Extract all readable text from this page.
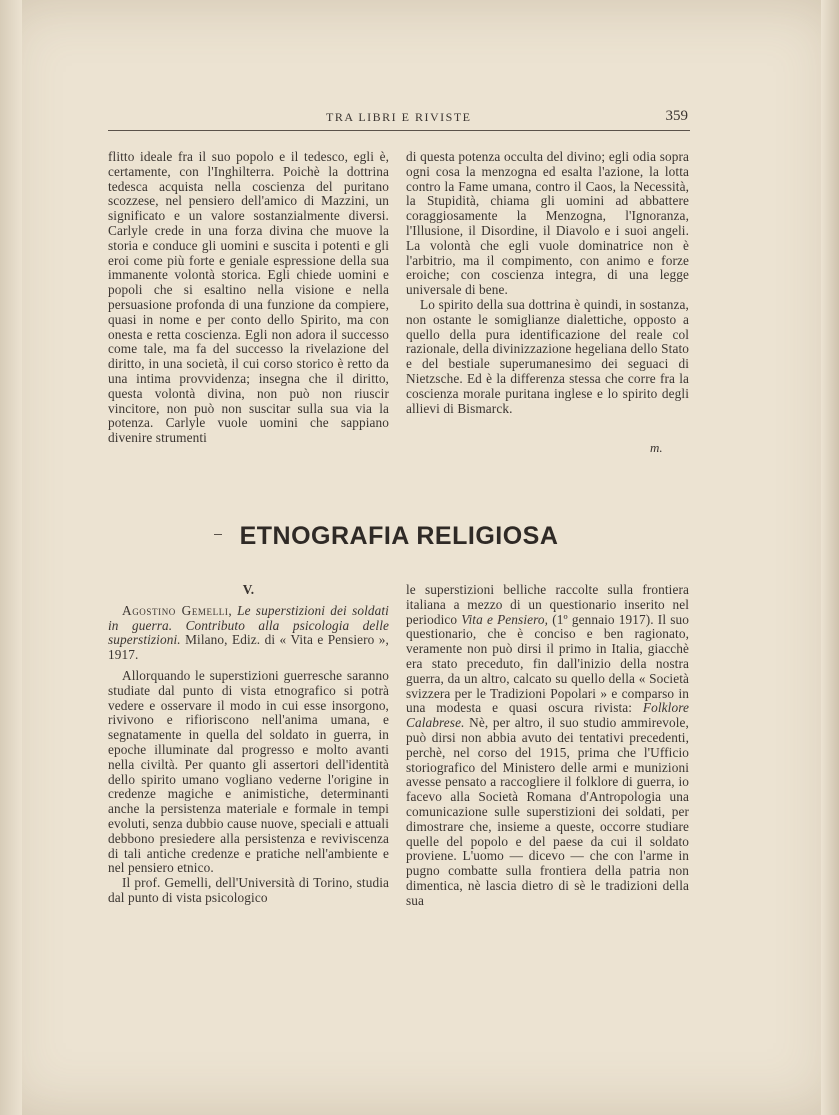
TRA LIBRI E RIVISTE	359

flitto ideale fra il suo popolo e il tedesco, egli è, certamente, con l'Inghilterra. Poichè la dottrina tedesca acquista nella coscienza del puritano scozzese, nel pensiero dell'amico di Mazzini, un significato e un valore sostanzialmente diversi. Carlyle crede in una forza divina che muove la storia e conduce gli uomini e suscita i potenti e gli eroi come più forte e geniale espressione della sua immanente volontà storica. Egli chiede uomini e popoli che si esaltino nella visione e nella persuasione profonda di una funzione da compiere, quasi in nome e per conto dello Spirito, ma con onesta e retta coscienza. Egli non adora il successo come tale, ma fa del successo la rivelazione del diritto, in una società, il cui corso storico è retto da una intima provvidenza; insegna che il diritto, questa volontà divina, non può non riuscir vincitore, non può non suscitar sulla sua via la potenza. Carlyle vuole uomini che sappiano divenire strumenti

di questa potenza occulta del divino; egli odia sopra ogni cosa la menzogna ed esalta l'azione, la lotta contro la Fame umana, contro il Caos, la Necessità, la Stupidità, chiama gli uomini ad abbattere coraggiosamente la Menzogna, l'Ignoranza, l'Illusione, il Disordine, il Diavolo e i suoi angeli. La volontà che egli vuole dominatrice non è l'arbitrio, ma il compimento, con animo e forze eroiche; con coscienza integra, di una legge universale di bene.

Lo spirito della sua dottrina è quindi, in sostanza, non ostante le somiglianze dialettiche, opposto a quello della pura identificazione del reale col razionale, della divinizzazione hegeliana dello Stato e del bestiale superumanesimo dei seguaci di Nietzsche. Ed è la differenza stessa che corre fra la coscienza morale puritana inglese e lo spirito degli allievi di Bismarck.

m.
ETNOGRAFIA RELIGIOSA
V.

Agostino Gemelli, Le superstizioni dei soldati in guerra. Contributo alla psicologia delle superstizioni. Milano, Ediz. di « Vita e Pensiero », 1917.

Allorquando le superstizioni guerresche saranno studiate dal punto di vista etnografico si potrà vedere e osservare il modo in cui esse insorgono, rivivono e rifioriscono nell'anima umana, e segnatamente in quella del soldato in guerra, in epoche illuminate dal progresso e molto avanti nella civiltà. Per quanto gli assertori dell'identità dello spirito umano vogliano vederne l'origine in credenze magiche e animistiche, determinanti anche la persistenza materiale e formale in tempi evoluti, senza dubbio cause nuove, speciali e attuali debbono presiedere alla persistenza e reviviscenza di tali antiche credenze e pratiche nell'ambiente e nel pensiero etnico.

Il prof. Gemelli, dell'Università di Torino, studia dal punto di vista psicologico

le superstizioni belliche raccolte sulla frontiera italiana a mezzo di un questionario inserito nel periodico Vita e Pensiero, (1º gennaio 1917). Il suo questionario, che è conciso e ben ragionato, veramente non può dirsi il primo in Italia, giacchè era stato preceduto, fin dall'inizio della nostra guerra, da un altro, calcato su quello della « Società svizzera per le Tradizioni Popolari » e comparso in una modesta e quasi oscura rivista: Folklore Calabrese. Nè, per altro, il suo studio ammirevole, può dirsi non abbia avuto dei tentativi precedenti, perchè, nel corso del 1915, prima che l'Ufficio storiografico del Ministero delle armi e munizioni avesse pensato a raccogliere il folklore di guerra, io facevo alla Società Romana d'Antropologia una comunicazione sulle superstizioni dei soldati, per dimostrare che, insieme a queste, occorre studiare quelle del popolo e del paese da cui il soldato proviene. L'uomo — dicevo — che con l'arme in pugno combatte sulla frontiera della patria non dimentica, nè lascia dietro di sè le tradizioni della sua
